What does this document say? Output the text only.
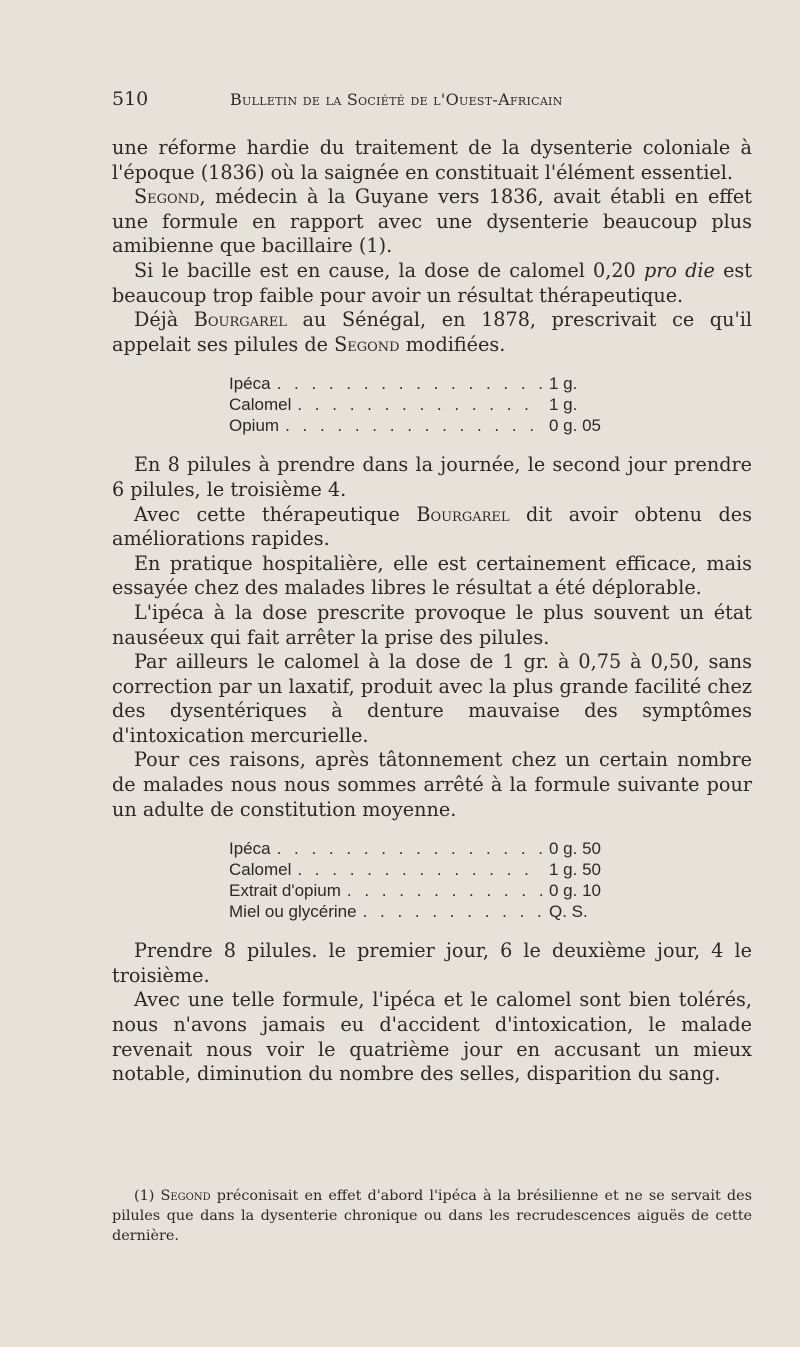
510	Bulletin de la Société de l'Ouest-Africain

une réforme hardie du traitement de la dysenterie coloniale à l'époque (1836) où la saignée en constituait l'élément essentiel.

Segond, médecin à la Guyane vers 1836, avait établi en effet une formule en rapport avec une dysenterie beaucoup plus amibienne que bacillaire (1).

Si le bacille est en cause, la dose de calomel 0,20 pro die est beaucoup trop faible pour avoir un résultat thérapeutique.

Déjà Bourgarel au Sénégal, en 1878, prescrivait ce qu'il appelait ses pilules de Segond modifiées.

Ipéca . . .	1 g.
Calomel . . .	1 g.
Opium . . .	0 g. 05

En 8 pilules à prendre dans la journée, le second jour prendre 6 pilules, le troisième 4.

Avec cette thérapeutique Bourgarel dit avoir obtenu des améliorations rapides.

En pratique hospitalière, elle est certainement efficace, mais essayée chez des malades libres le résultat a été déplorable.

L'ipéca à la dose prescrite provoque le plus souvent un état nauséeux qui fait arrêter la prise des pilules.

Par ailleurs le calomel à la dose de 1 gr. à 0,75 à 0,50, sans correction par un laxatif, produit avec la plus grande facilité chez des dysentériques à denture mauvaise des symptômes d'intoxication mercurielle.

Pour ces raisons, après tâtonnement chez un certain nombre de malades nous nous sommes arrêté à la formule suivante pour un adulte de constitution moyenne.

Ipéca . . .	0 g. 50
Calomel . . .	1 g. 50
Extrait d'opium . . .	0 g. 10
Miel ou glycérine . . .	Q. S.

Prendre 8 pilules. le premier jour, 6 le deuxième jour, 4 le troisième.

Avec une telle formule, l'ipéca et le calomel sont bien tolérés, nous n'avons jamais eu d'accident d'intoxication, le malade revenait nous voir le quatrième jour en accusant un mieux notable, diminution du nombre des selles, disparition du sang.

(1) Segond préconisait en effet d'abord l'ipéca à la brésilienne et ne se servait des pilules que dans la dysenterie chronique ou dans les recrudescences aiguës de cette dernière.
